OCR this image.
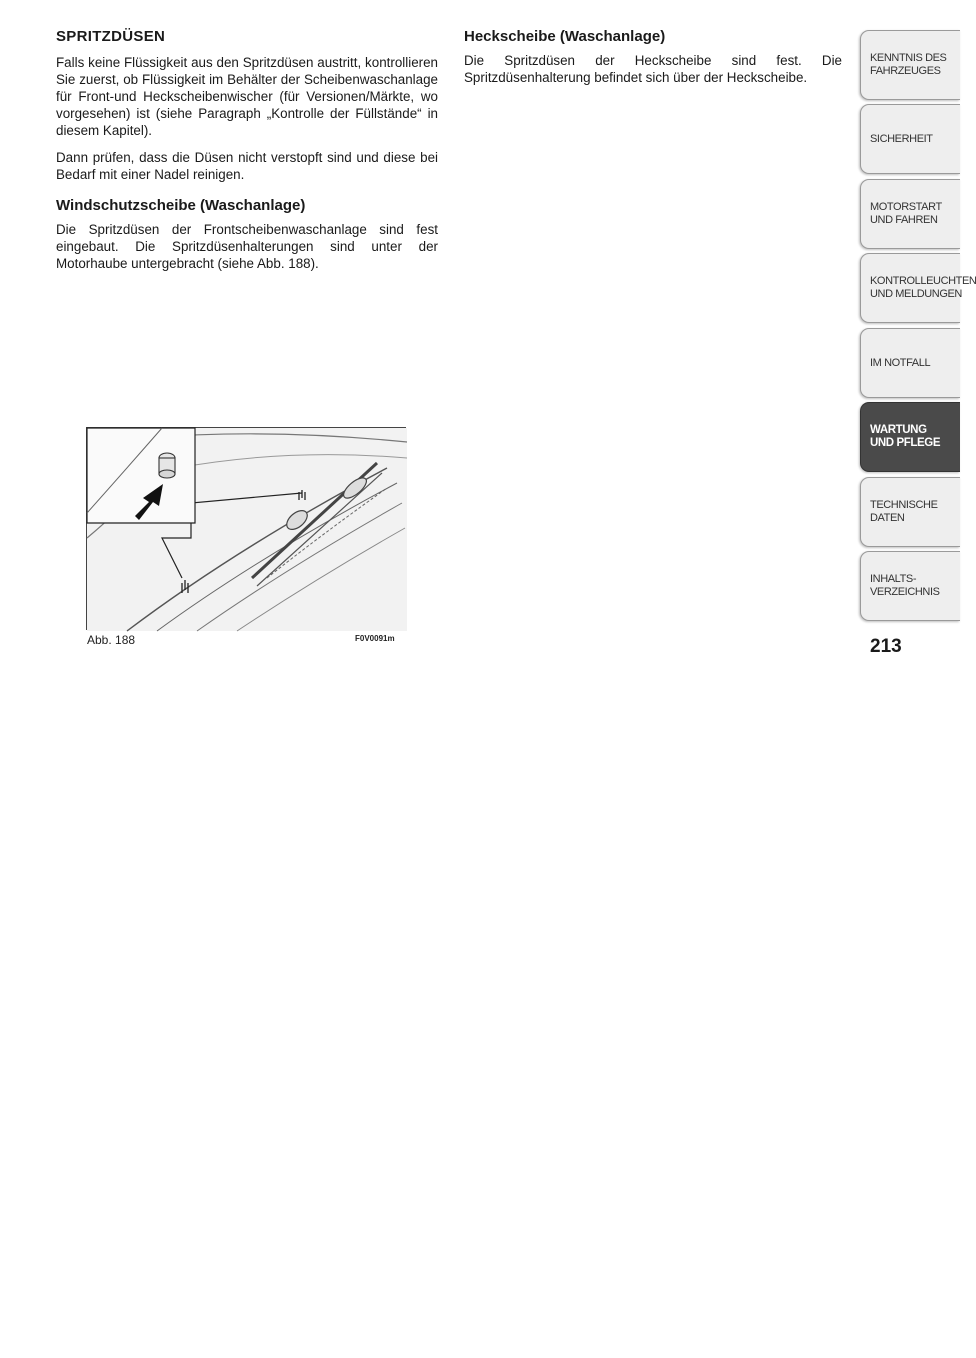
SPRITZDÜSEN

Falls keine Flüssigkeit aus den Spritzdüsen austritt, kontrollieren Sie zuerst, ob Flüssigkeit im Behälter der Scheibenwaschanlage für Front-und Heckscheibenwischer (für Versionen/Märkte, wo vorgesehen) ist (siehe Paragraph „Kontrolle der Füllstände“ in diesem Kapitel).

Dann prüfen, dass die Düsen nicht verstopft sind und diese bei Bedarf mit einer Nadel reinigen.

Windschutzscheibe (Waschanlage)

Die Spritzdüsen der Frontscheibenwaschanlage sind fest eingebaut. Die Spritzdüsenhalterungen sind unter der Motorhaube untergebracht (siehe Abb. 188).

Heckscheibe (Waschanlage)

Die Spritzdüsen der Heckscheibe sind fest. Die Spritzdüsenhalterung befindet sich über der Heckscheibe.

Abb. 188	F0V0091m
KENNTNIS DES
FAHRZEUGES
SICHERHEIT
MOTORSTART
UND FAHREN
KONTROLLEUCHTEN
UND MELDUNGEN
IM NOTFALL
WARTUNG
UND PFLEGE
TECHNISCHE DATEN
INHALTS-
VERZEICHNIS
213
